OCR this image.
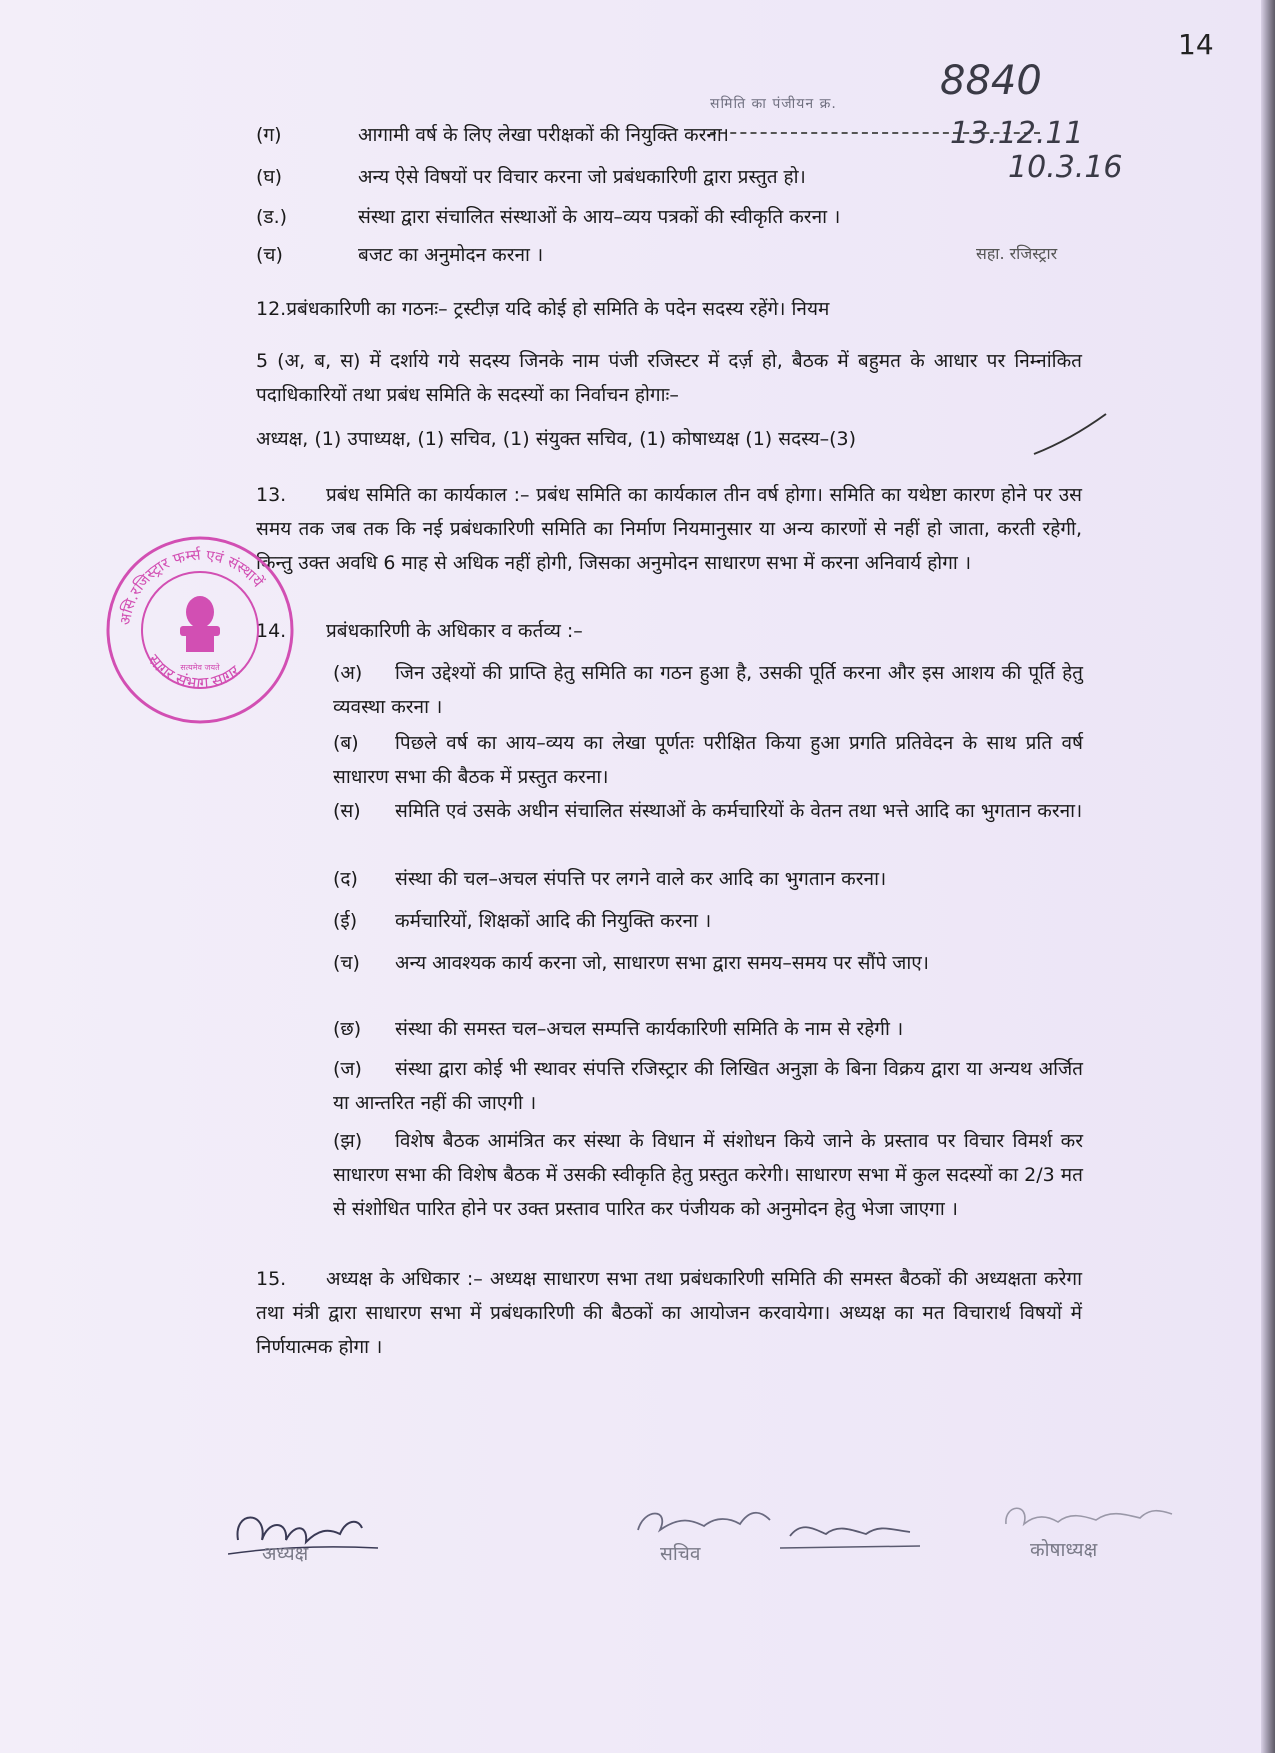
14
8840
समिति का पंजीयन क्र.
13.12.11
10.3.16
सहा. रजिस्ट्रार
(ग)	आगामी वर्ष के लिए लेखा परीक्षकों की नियुक्ति करना।
(घ)	अन्य ऐसे विषयों पर विचार करना जो प्रबंधकारिणी द्वारा प्रस्तुत हो।
(ड.)	संस्था द्वारा संचालित संस्थाओं के आय–व्यय पत्रकों की स्वीकृति करना ।
(च)	बजट का अनुमोदन करना ।
12.प्रबंधकारिणी का गठनः– ट्रस्टीज़ यदि कोई हो समिति के पदेन सदस्य रहेंगे। नियम
5 (अ, ब, स) में दर्शाये गये सदस्य जिनके नाम पंजी रजिस्टर में दर्ज़ हो, बैठक में बहुमत के आधार पर निम्नांकित पदाधिकारियों तथा प्रबंध समिति के सदस्यों का निर्वाचन होगाः–
अध्यक्ष, (1) उपाध्यक्ष, (1) सचिव, (1) संयुक्त सचिव, (1) कोषाध्यक्ष (1) सदस्य–(3)
13. प्रबंध समिति का कार्यकाल :– प्रबंध समिति का कार्यकाल तीन वर्ष होगा। समिति का यथेष्टा कारण होने पर उस समय तक जब तक कि नई प्रबंधकारिणी समिति का निर्माण नियमानुसार या अन्य कारणों से नहीं हो जाता, करती रहेगी, किन्तु उक्त अवधि 6 माह से अधिक नहीं होगी, जिसका अनुमोदन साधारण सभा में करना अनिवार्य होगा ।
14. प्रबंधकारिणी के अधिकार व कर्तव्य :–
(अ) जिन उद्देश्यों की प्राप्ति हेतु समिति का गठन हुआ है, उसकी पूर्ति करना और इस आशय की पूर्ति हेतु व्यवस्था करना ।
(ब) पिछले वर्ष का आय–व्यय का लेखा पूर्णतः परीक्षित किया हुआ प्रगति प्रतिवेदन के साथ प्रति वर्ष साधारण सभा की बैठक में प्रस्तुत करना।
(स) समिति एवं उसके अधीन संचालित संस्थाओं के कर्मचारियों के वेतन तथा भत्ते आदि का भुगतान करना।
(द) संस्था की चल–अचल संपत्ति पर लगने वाले कर आदि का भुगतान करना।
(ई) कर्मचारियों, शिक्षकों आदि की नियुक्ति करना ।
(च) अन्य आवश्यक कार्य करना जो, साधारण सभा द्वारा समय–समय पर सौंपे जाए।
(छ) संस्था की समस्त चल–अचल सम्पत्ति कार्यकारिणी समिति के नाम से रहेगी ।
(ज) संस्था द्वारा कोई भी स्थावर संपत्ति रजिस्ट्रार की लिखित अनुज्ञा के बिना विक्रय द्वारा या अन्यथ अर्जित या आन्तरित नहीं की जाएगी ।
(झ) विशेष बैठक आमंत्रित कर संस्था के विधान में संशोधन किये जाने के प्रस्ताव पर विचार विमर्श कर साधारण सभा की विशेष बैठक में उसकी स्वीकृति हेतु प्रस्तुत करेगी। साधारण सभा में कुल सदस्यों का 2/3 मत से संशोधित पारित होने पर उक्त प्रस्ताव पारित कर पंजीयक को अनुमोदन हेतु भेजा जाएगा ।
15. अध्यक्ष के अधिकार :– अध्यक्ष साधारण सभा तथा प्रबंधकारिणी समिति की समस्त बैठकों की अध्यक्षता करेगा तथा मंत्री द्वारा साधारण सभा में प्रबंधकारिणी की बैठकों का आयोजन करवायेगा। अध्यक्ष का मत विचारार्थ विषयों में निर्णयात्मक होगा ।
असि.रजिस्ट्रार फर्म्स एवं संस्थायें
सागर संभाग सागर
सत्यमेव जयते
अध्यक्ष	सचिव	कोषाध्यक्ष
